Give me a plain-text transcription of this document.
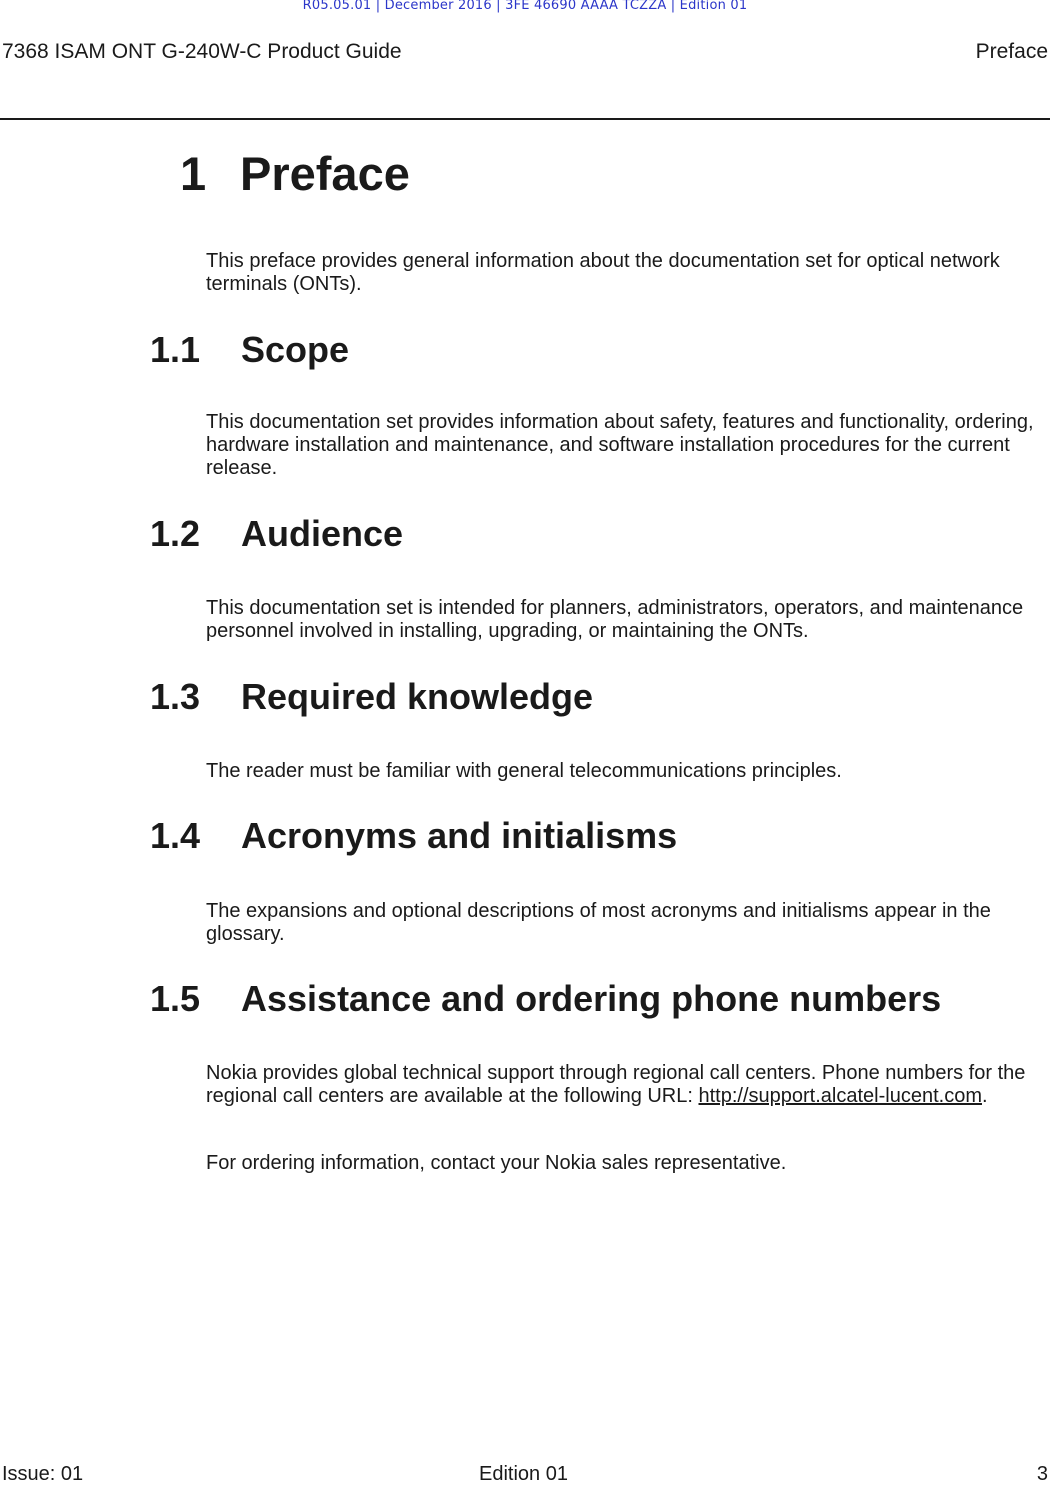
R05.05.01 | December 2016 | 3FE 46690 AAAA TCZZA | Edition 01
7368 ISAM ONT G-240W-C Product Guide	Preface
1 Preface

This preface provides general information about the documentation set for optical network terminals (ONTs).

1.1 Scope

This documentation set provides information about safety, features and functionality, ordering, hardware installation and maintenance, and software installation procedures for the current release.

1.2 Audience

This documentation set is intended for planners, administrators, operators, and maintenance personnel involved in installing, upgrading, or maintaining the ONTs.

1.3 Required knowledge

The reader must be familiar with general telecommunications principles.

1.4 Acronyms and initialisms

The expansions and optional descriptions of most acronyms and initialisms appear in the glossary.

1.5 Assistance and ordering phone numbers

Nokia provides global technical support through regional call centers. Phone numbers for the regional call centers are available at the following URL: http://support.alcatel-lucent.com.

For ordering information, contact your Nokia sales representative.

Issue: 01	Edition 01	3
